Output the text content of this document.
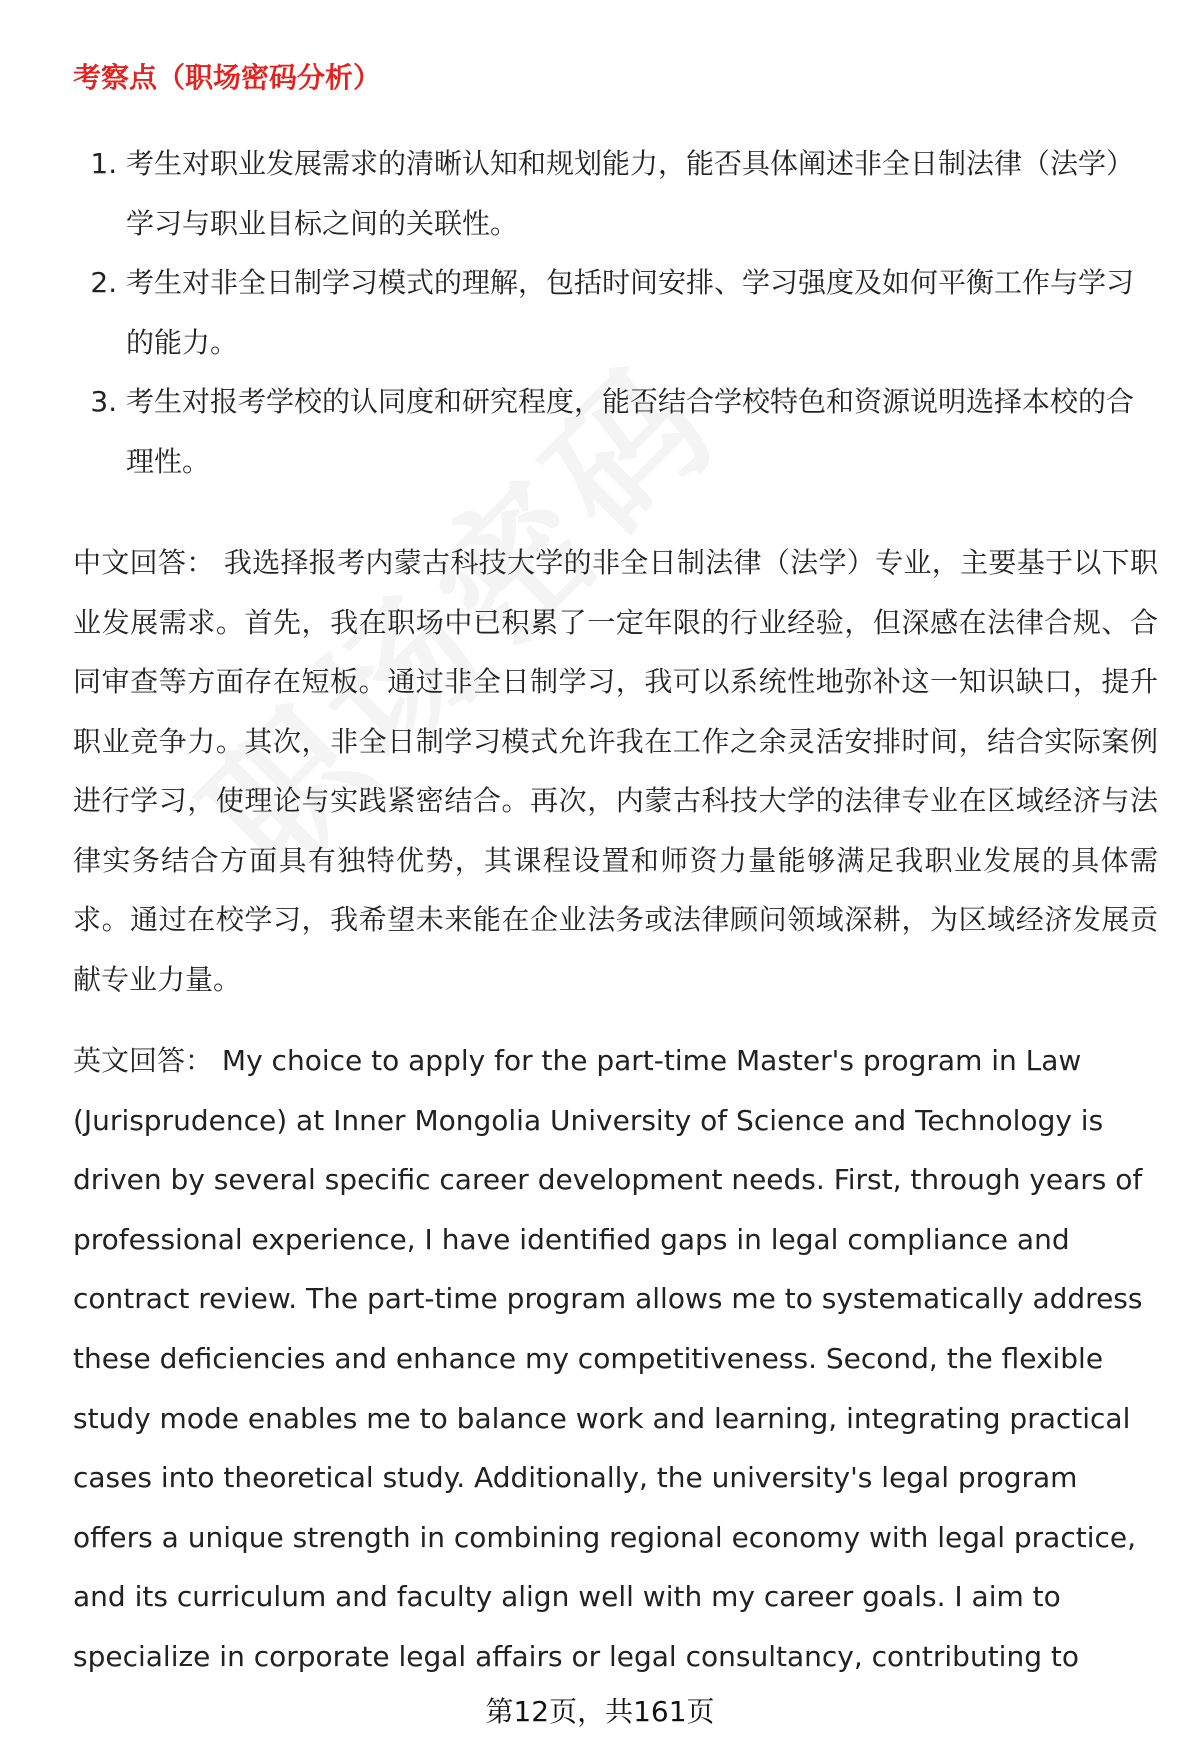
考察点（职场密码分析）
1. 考生对职业发展需求的清晰认知和规划能力，能否具体阐述非全日制法律（法学）学习与职业目标之间的关联性。
2. 考生对非全日制学习模式的理解，包括时间安排、学习强度及如何平衡工作与学习的能力。
3. 考生对报考学校的认同度和研究程度，能否结合学校特色和资源说明选择本校的合理性。

中文回答： 我选择报考内蒙古科技大学的非全日制法律（法学）专业，主要基于以下职业发展需求。首先，我在职场中已积累了一定年限的行业经验，但深感在法律合规、合同审查等方面存在短板。通过非全日制学习，我可以系统性地弥补这一知识缺口，提升职业竞争力。其次，非全日制学习模式允许我在工作之余灵活安排时间，结合实际案例进行学习，使理论与实践紧密结合。再次，内蒙古科技大学的法律专业在区域经济与法律实务结合方面具有独特优势，其课程设置和师资力量能够满足我职业发展的具体需求。通过在校学习，我希望未来能在企业法务或法律顾问领域深耕，为区域经济发展贡献专业力量。

英文回答： My choice to apply for the part-time Master's program in Law (Jurisprudence) at Inner Mongolia University of Science and Technology is driven by several specific career development needs. First, through years of professional experience, I have identified gaps in legal compliance and contract review. The part-time program allows me to systematically address these deficiencies and enhance my competitiveness. Second, the flexible study mode enables me to balance work and learning, integrating practical cases into theoretical study. Additionally, the university's legal program offers a unique strength in combining regional economy with legal practice, and its curriculum and faculty align well with my career goals. I aim to specialize in corporate legal affairs or legal consultancy, contributing to

第12页，共161页
